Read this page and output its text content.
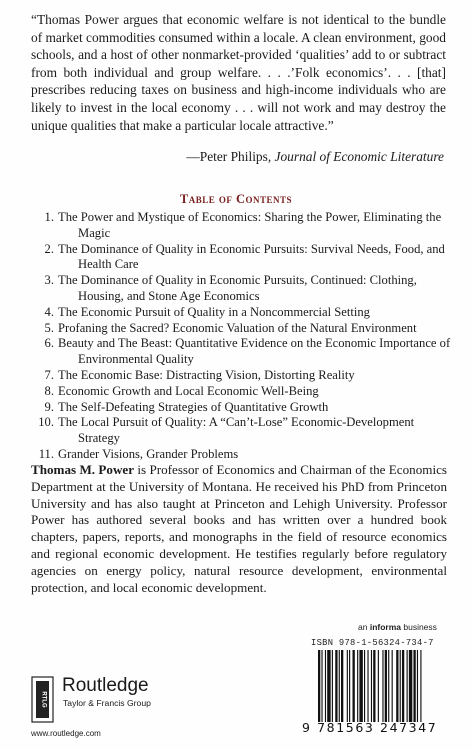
“Thomas Power argues that economic welfare is not identical to the bundle of market commodities consumed within a locale. A clean environment, good schools, and a host of other nonmarket-provided ‘qualities’ add to or subtract from both individual and group welfare. . . .’Folk economics’. . . [that] prescribes reducing taxes on business and high-income individuals who are likely to invest in the local economy . . . will not work and may destroy the unique qualities that make a particular locale attractive.”
—Peter Philips, Journal of Economic Literature
Table of Contents
1. The Power and Mystique of Economics: Sharing the Power, Eliminating the Magic
2. The Dominance of Quality in Economic Pursuits: Survival Needs, Food, and Health Care
3. The Dominance of Quality in Economic Pursuits, Continued: Clothing, Housing, and Stone Age Economics
4. The Economic Pursuit of Quality in a Noncommercial Setting
5. Profaning the Sacred? Economic Valuation of the Natural Environment
6. Beauty and The Beast: Quantitative Evidence on the Economic Importance of Environmental Quality
7. The Economic Base: Distracting Vision, Distorting Reality
8. Economic Growth and Local Economic Well-Being
9. The Self-Defeating Strategies of Quantitative Growth
10. The Local Pursuit of Quality: A “Can’t-Lose” Economic-Development Strategy
11. Grander Visions, Grander Problems
Thomas M. Power is Professor of Economics and Chairman of the Economics Department at the University of Montana. He received his PhD from Princeton University and has also taught at Princeton and Lehigh University. Professor Power has authored several books and has written over a hundred book chapters, papers, reports, and monographs in the field of resource economics and regional economic development. He testifies regularly before regulatory agencies on energy policy, natural resource development, environmental protection, and local economic development.
an informa business
ISBN 978-1-56324-734-7
9 781563 247347
RTLG
Routledge
Taylor & Francis Group
www.routledge.com
